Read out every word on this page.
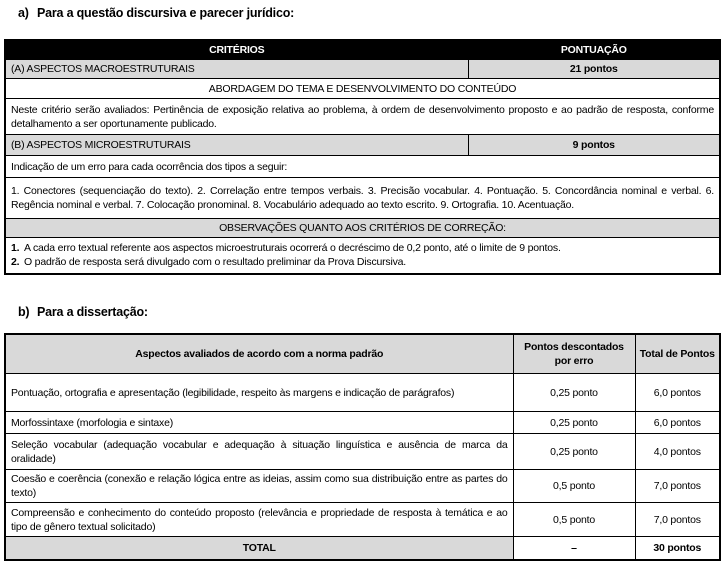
a) Para a questão discursiva e parecer jurídico:
CRITÉRIOS	PONTUAÇÃO
(A) ASPECTOS MACROESTRUTURAIS	21 pontos
ABORDAGEM DO TEMA E DESENVOLVIMENTO DO CONTEÚDO	
Neste critério serão avaliados: Pertinência de exposição relativa ao problema, à ordem de desenvolvimento proposto e ao padrão de resposta, conforme detalhamento a ser oportunamente publicado.	
(B) ASPECTOS MICROESTRUTURAIS	9 pontos
Indicação de um erro para cada ocorrência dos tipos a seguir:	
1. Conectores (sequenciação do texto). 2. Correlação entre tempos verbais. 3. Precisão vocabular. 4. Pontuação. 5. Concordância nominal e verbal. 6. Regência nominal e verbal. 7. Colocação pronominal. 8. Vocabulário adequado ao texto escrito. 9. Ortografia. 10. Acentuação.	
OBSERVAÇÕES QUANTO AOS CRITÉRIOS DE CORREÇÃO:	

1. A cada erro textual referente aos aspectos microestruturais ocorrerá o decréscimo de 0,2 ponto, até o limite de 9 pontos.
2. O padrão de resposta será divulgado com o resultado preliminar da Prova Discursiva.	
b) Para a dissertação:
Aspectos avaliados de acordo com a norma padrão	Pontos descontados por erro	Total de Pontos
Pontuação, ortografia e apresentação (legibilidade, respeito às margens e indicação de parágrafos)	0,25 ponto	6,0 pontos
Morfossintaxe (morfologia e sintaxe)	0,25 ponto	6,0 pontos
Seleção vocabular (adequação vocabular e adequação à situação linguística e ausência de marca da oralidade)	0,25 ponto	4,0 pontos
Coesão e coerência (conexão e relação lógica entre as ideias, assim como sua distribuição entre as partes do texto)	0,5 ponto	7,0 pontos
Compreensão e conhecimento do conteúdo proposto (relevância e propriedade de resposta à temática e ao tipo de gênero textual solicitado)	0,5 ponto	7,0 pontos
TOTAL	–	30 pontos
